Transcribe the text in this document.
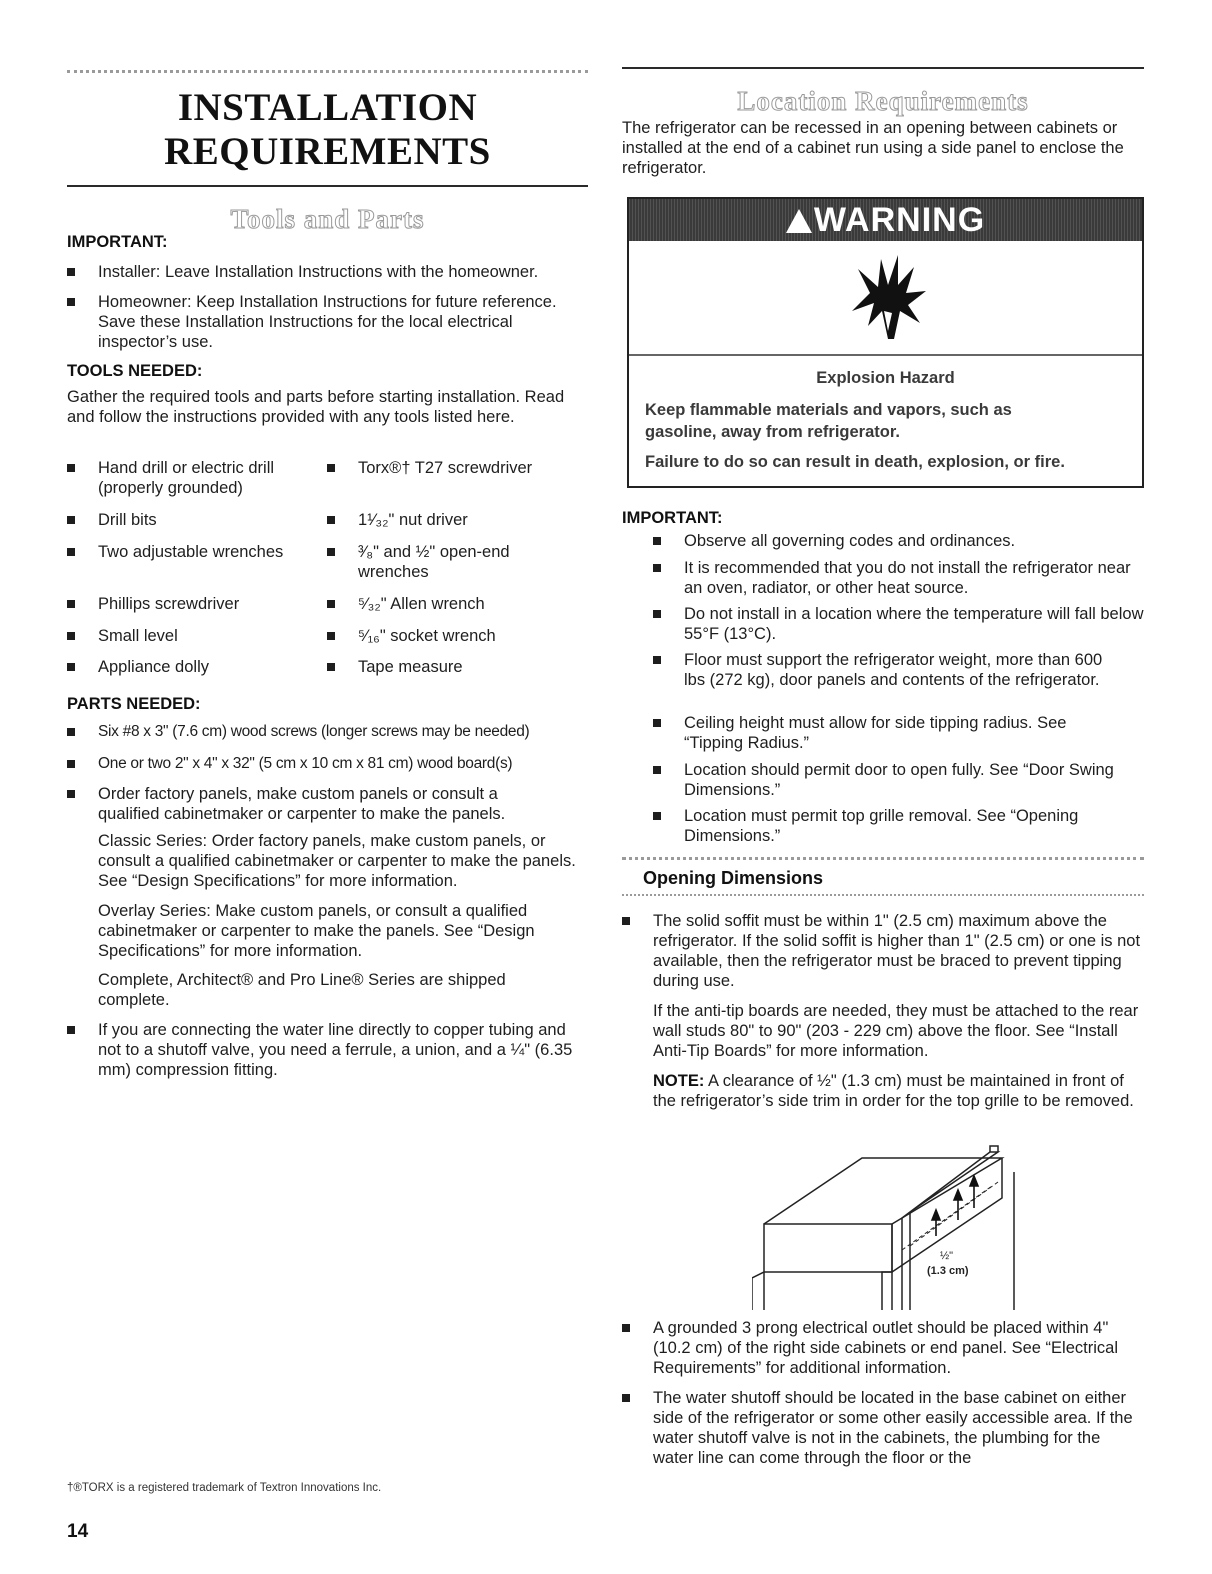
INSTALLATION
REQUIREMENTS
Tools and Parts

IMPORTANT:

Installer: Leave Installation Instructions with the homeowner.

Homeowner: Keep Installation Instructions for future reference. Save these Installation Instructions for the local electrical inspector’s use.

TOOLS NEEDED:

Gather the required tools and parts before starting installation. Read and follow the instructions provided with any tools listed here.

Hand drill or electric drill (properly grounded)

Drill bits

Two adjustable wrenches

Phillips screwdriver

Small level

Appliance dolly

Torx®† T27 screwdriver

1¹⁄₃₂" nut driver

³⁄₈" and ½" open-end wrenches

⁵⁄₃₂" Allen wrench

⁵⁄₁₆" socket wrench

Tape measure

PARTS NEEDED:

Six #8 x 3" (7.6 cm) wood screws (longer screws may be needed)

One or two 2" x 4" x 32" (5 cm x 10 cm x 81 cm) wood board(s)

Order factory panels, make custom panels or consult a qualified cabinetmaker or carpenter to make the panels.

Classic Series: Order factory panels, make custom panels, or consult a qualified cabinetmaker or carpenter to make the panels. See “Design Specifications” for more information.

Overlay Series: Make custom panels, or consult a qualified cabinetmaker or carpenter to make the panels. See “Design Specifications” for more information.

Complete, Architect® and Pro Line® Series are shipped complete.

If you are connecting the water line directly to copper tubing and not to a shutoff valve, you need a ferrule, a union, and a ¼" (6.35 mm) compression fitting.

†®TORX is a registered trademark of Textron Innovations Inc.

14

Location Requirements

The refrigerator can be recessed in an opening between cabinets or installed at the end of a cabinet run using a side panel to enclose the refrigerator.

WARNING

Explosion Hazard

Keep flammable materials and vapors, such as

gasoline, away from refrigerator.

Failure to do so can result in death, explosion, or fire.

IMPORTANT:

Observe all governing codes and ordinances.

It is recommended that you do not install the refrigerator near an oven, radiator, or other heat source.

Do not install in a location where the temperature will fall below 55°F (13°C).

Floor must support the refrigerator weight, more than 600 lbs (272 kg), door panels and contents of the refrigerator.

Ceiling height must allow for side tipping radius. See “Tipping Radius.”

Location should permit door to open fully. See “Door Swing Dimensions.”

Location must permit top grille removal. See “Opening Dimensions.”

Opening Dimensions

The solid soffit must be within 1" (2.5 cm) maximum above the refrigerator. If the solid soffit is higher than 1" (2.5 cm) or one is not available, then the refrigerator must be braced to prevent tipping during use.

If the anti-tip boards are needed, they must be attached to the rear wall studs 80" to 90" (203 - 229 cm) above the floor. See “Install Anti-Tip Boards” for more information.

NOTE: A clearance of ½" (1.3 cm) must be maintained in front of the refrigerator’s side trim in order for the top grille to be removed.

½"
(1.3 cm)

A grounded 3 prong electrical outlet should be placed within 4" (10.2 cm) of the right side cabinets or end panel. See “Electrical Requirements” for additional information.

The water shutoff should be located in the base cabinet on either side of the refrigerator or some other easily accessible area. If the water shutoff valve is not in the cabinets, the plumbing for the water line can come through the floor or the
